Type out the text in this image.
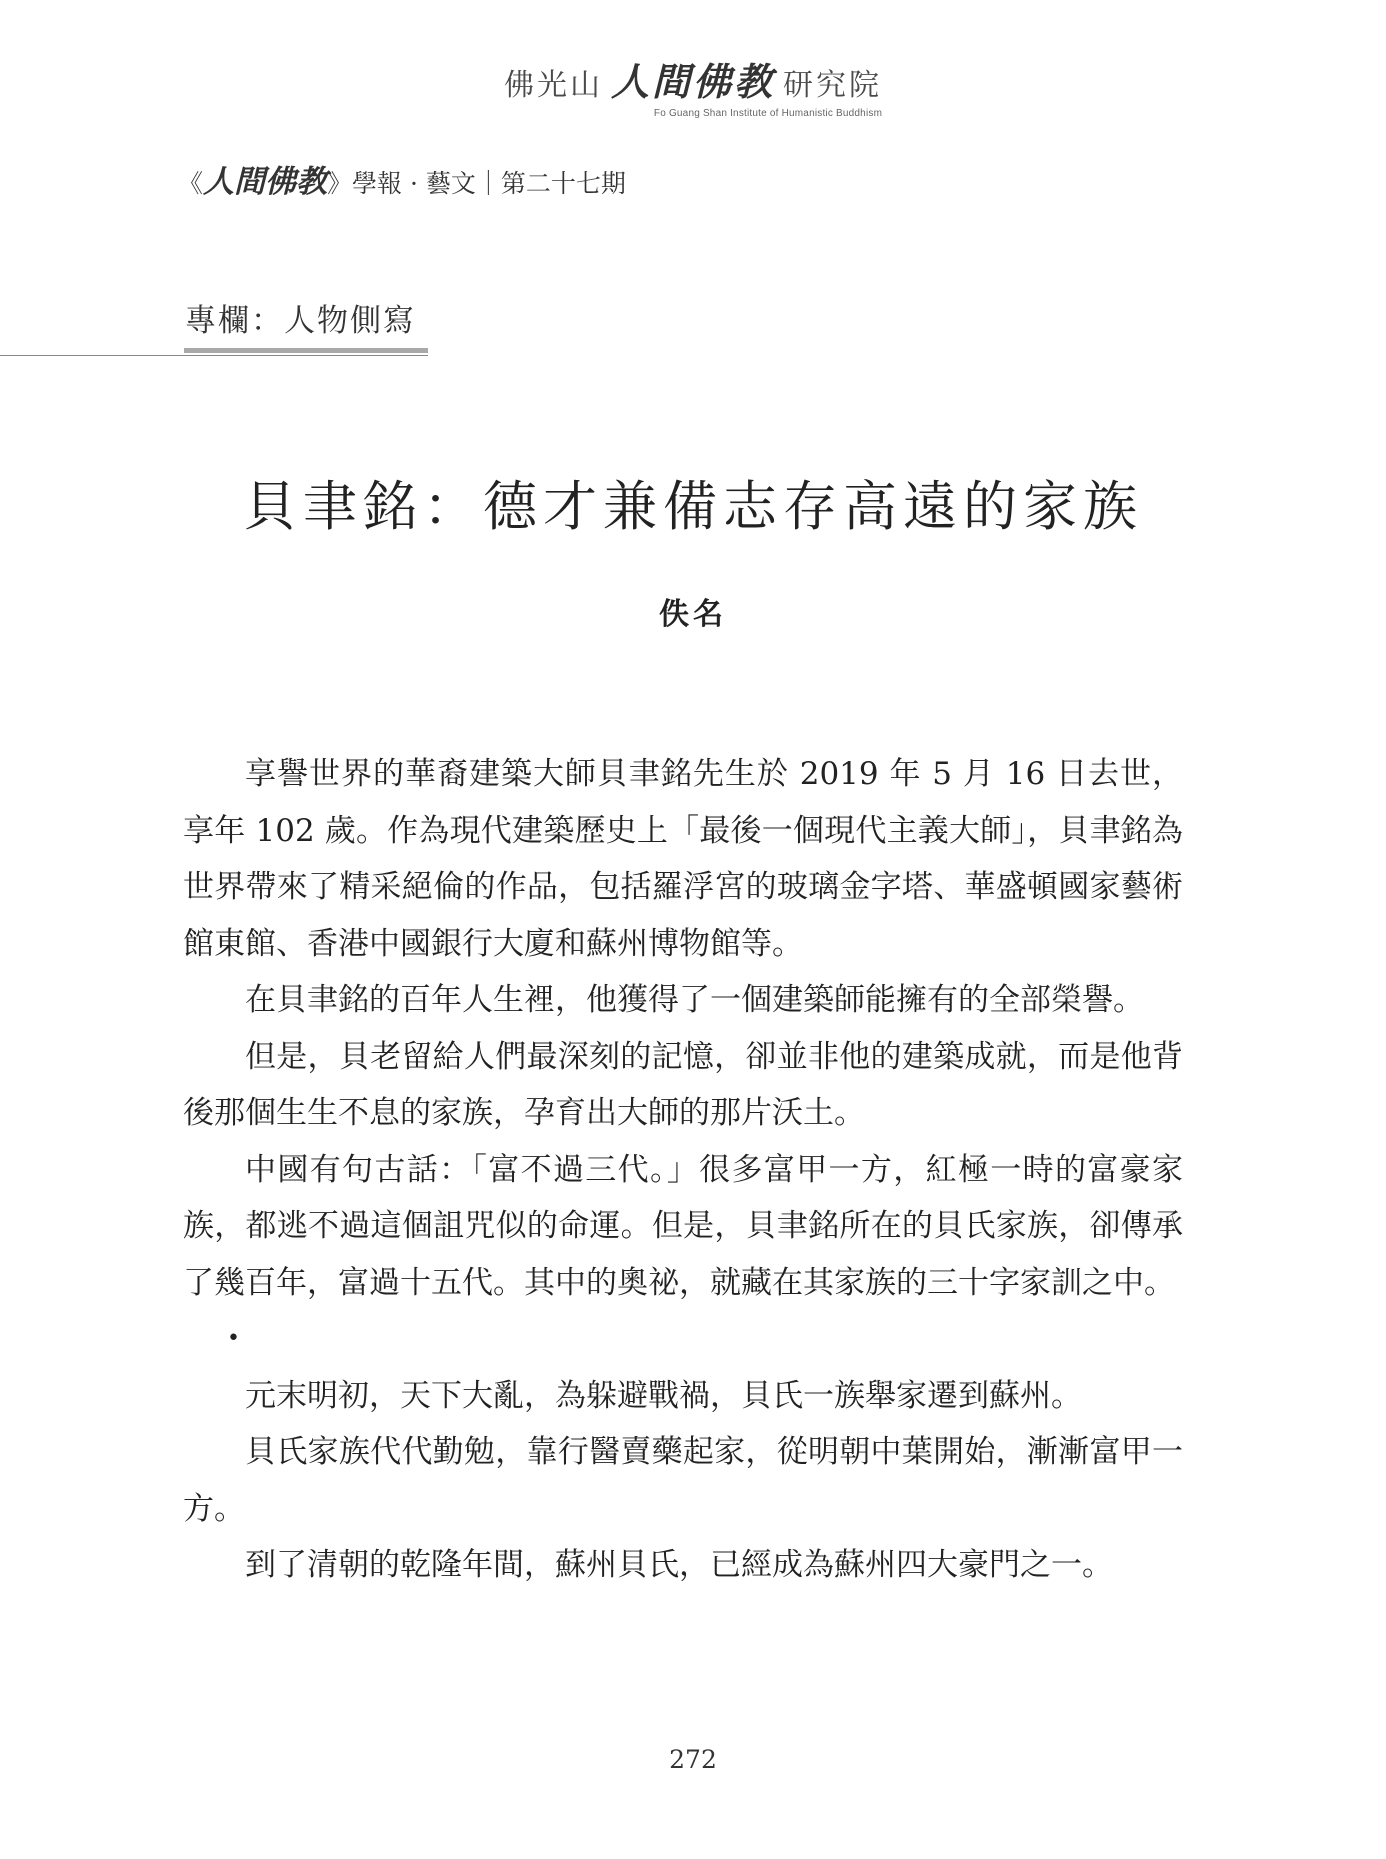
佛光山 人間佛教 研究院
Fo Guang Shan Institute of Humanistic Buddhism
《人間佛教》學報 · 藝文｜第二十七期
專欄：人物側寫
貝聿銘：德才兼備志存高遠的家族
佚名

享譽世界的華裔建築大師貝聿銘先生於 2019 年 5 月 16 日去世，享年 102 歲。作為現代建築歷史上「最後一個現代主義大師」，貝聿銘為世界帶來了精采絕倫的作品，包括羅浮宮的玻璃金字塔、華盛頓國家藝術館東館、香港中國銀行大廈和蘇州博物館等。

在貝聿銘的百年人生裡，他獲得了一個建築師能擁有的全部榮譽。

但是，貝老留給人們最深刻的記憶，卻並非他的建築成就，而是他背後那個生生不息的家族，孕育出大師的那片沃土。

中國有句古話：「富不過三代。」很多富甲一方，紅極一時的富豪家族，都逃不過這個詛咒似的命運。但是，貝聿銘所在的貝氏家族，卻傳承了幾百年，富過十五代。其中的奧祕，就藏在其家族的三十字家訓之中。

•

元末明初，天下大亂，為躲避戰禍，貝氏一族舉家遷到蘇州。

貝氏家族代代勤勉，靠行醫賣藥起家，從明朝中葉開始，漸漸富甲一方。

到了清朝的乾隆年間，蘇州貝氏，已經成為蘇州四大豪門之一。

272
